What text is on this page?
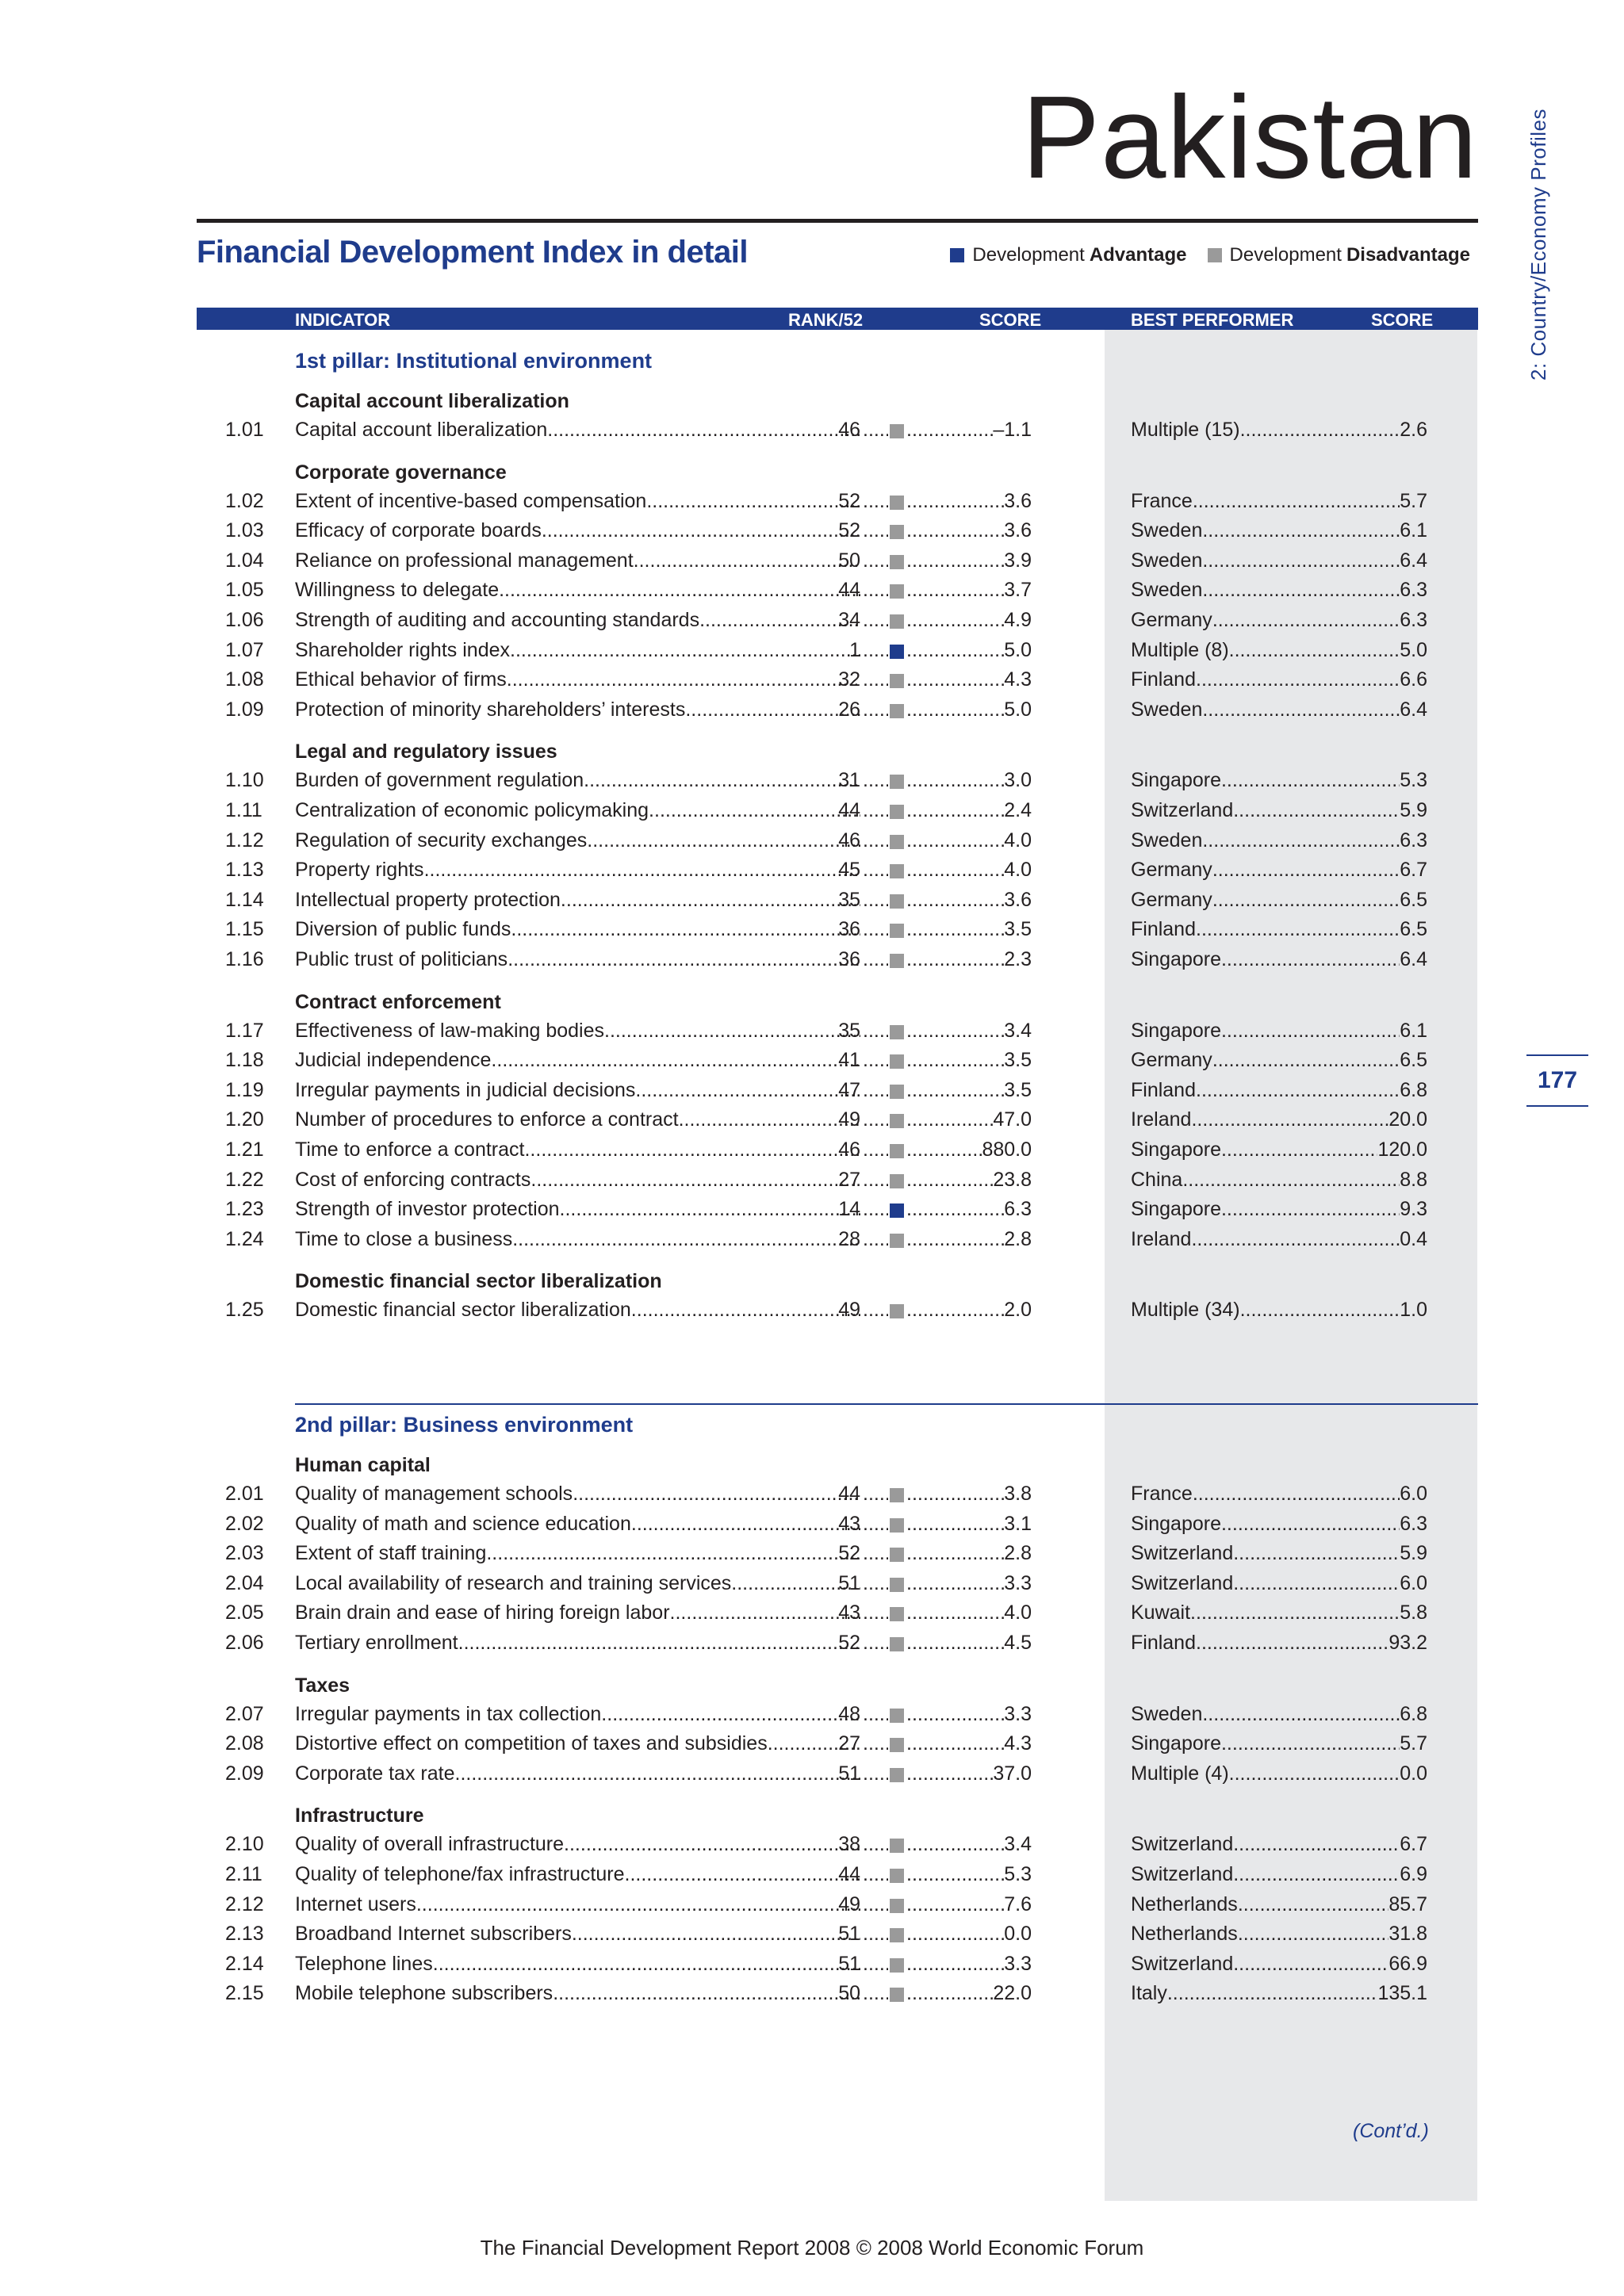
Pakistan
Financial Development Index in detail	Development Advantage Development Disadvantage	2: Country/Economy Profiles
177
INDICATOR	RANK/52	SCORE	BEST PERFORMER	SCORE
1st pillar: Institutional environment
Capital account liberalization
1.01	Capital account liberalization .....	46 ........ .....	–1.1	Multiple (15) .....	2.6
Corporate governance
1.02	Extent of incentive-based compensation .....	52 ........ .....	3.6	France .....	5.7
1.03	Efficacy of corporate boards .....	52 ........ .....	3.6	Sweden .....	6.1
1.04	Reliance on professional management .....	50 ........ .....	3.9	Sweden .....	6.4
1.05	Willingness to delegate .....	44 ........ .....	3.7	Sweden .....	6.3
1.06	Strength of auditing and accounting standards .....	34 ........ .....	4.9	Germany .....	6.3
1.07	Shareholder rights index .....	1 ........ .....	5.0	Multiple (8) .....	5.0
1.08	Ethical behavior of firms .....	32 ........ .....	4.3	Finland .....	6.6
1.09	Protection of minority shareholders’ interests .....	26 ........ .....	5.0	Sweden .....	6.4
Legal and regulatory issues
1.10	Burden of government regulation .....	31 ........ .....	3.0	Singapore .....	5.3
1.11	Centralization of economic policymaking .....	44 ........ .....	2.4	Switzerland .....	5.9
1.12	Regulation of security exchanges .....	46 ........ .....	4.0	Sweden .....	6.3
1.13	Property rights .....	45 ........ .....	4.0	Germany .....	6.7
1.14	Intellectual property protection .....	35 ........ .....	3.6	Germany .....	6.5
1.15	Diversion of public funds .....	36 ........ .....	3.5	Finland .....	6.5
1.16	Public trust of politicians .....	36 ........ .....	2.3	Singapore .....	6.4
Contract enforcement
1.17	Effectiveness of law-making bodies .....	35 ........ .....	3.4	Singapore .....	6.1
1.18	Judicial independence .....	41 ........ .....	3.5	Germany .....	6.5
1.19	Irregular payments in judicial decisions .....	47 ........ .....	3.5	Finland .....	6.8
1.20	Number of procedures to enforce a contract .....	49 ........ .....	47.0	Ireland .....	20.0
1.21	Time to enforce a contract .....	46 ........ .....	880.0	Singapore .....	120.0
1.22	Cost of enforcing contracts .....	27 ........ .....	23.8	China .....	8.8
1.23	Strength of investor protection .....	14 ........ .....	6.3	Singapore .....	9.3
1.24	Time to close a business .....	28 ........ .....	2.8	Ireland .....	0.4
Domestic financial sector liberalization
1.25	Domestic financial sector liberalization .....	49 ........ .....	2.0	Multiple (34) .....	1.0
2nd pillar: Business environment
Human capital
2.01	Quality of management schools .....	44 ........ .....	3.8	France .....	6.0
2.02	Quality of math and science education .....	43 ........ .....	3.1	Singapore .....	6.3
2.03	Extent of staff training .....	52 ........ .....	2.8	Switzerland .....	5.9
2.04	Local availability of research and training services .....	51 ........ .....	3.3	Switzerland .....	6.0
2.05	Brain drain and ease of hiring foreign labor .....	43 ........ .....	4.0	Kuwait .....	5.8
2.06	Tertiary enrollment .....	52 ........ .....	4.5	Finland .....	93.2
Taxes
2.07	Irregular payments in tax collection .....	48 ........ .....	3.3	Sweden .....	6.8
2.08	Distortive effect on competition of taxes and subsidies .....	27 ........ .....	4.3	Singapore .....	5.7
2.09	Corporate tax rate .....	51 ........ .....	37.0	Multiple (4) .....	0.0
Infrastructure
2.10	Quality of overall infrastructure .....	38 ........ .....	3.4	Switzerland .....	6.7
2.11	Quality of telephone/fax infrastructure .....	44 ........ .....	5.3	Switzerland .....	6.9
2.12	Internet users .....	49 ........ .....	7.6	Netherlands .....	85.7
2.13	Broadband Internet subscribers .....	51 ........ .....	0.0	Netherlands .....	31.8
2.14	Telephone lines .....	51 ........ .....	3.3	Switzerland .....	66.9
2.15	Mobile telephone subscribers .....	50 ........ .....	22.0	Italy .....	135.1
(Cont’d.)
The Financial Development Report 2008 © 2008 World Economic Forum
